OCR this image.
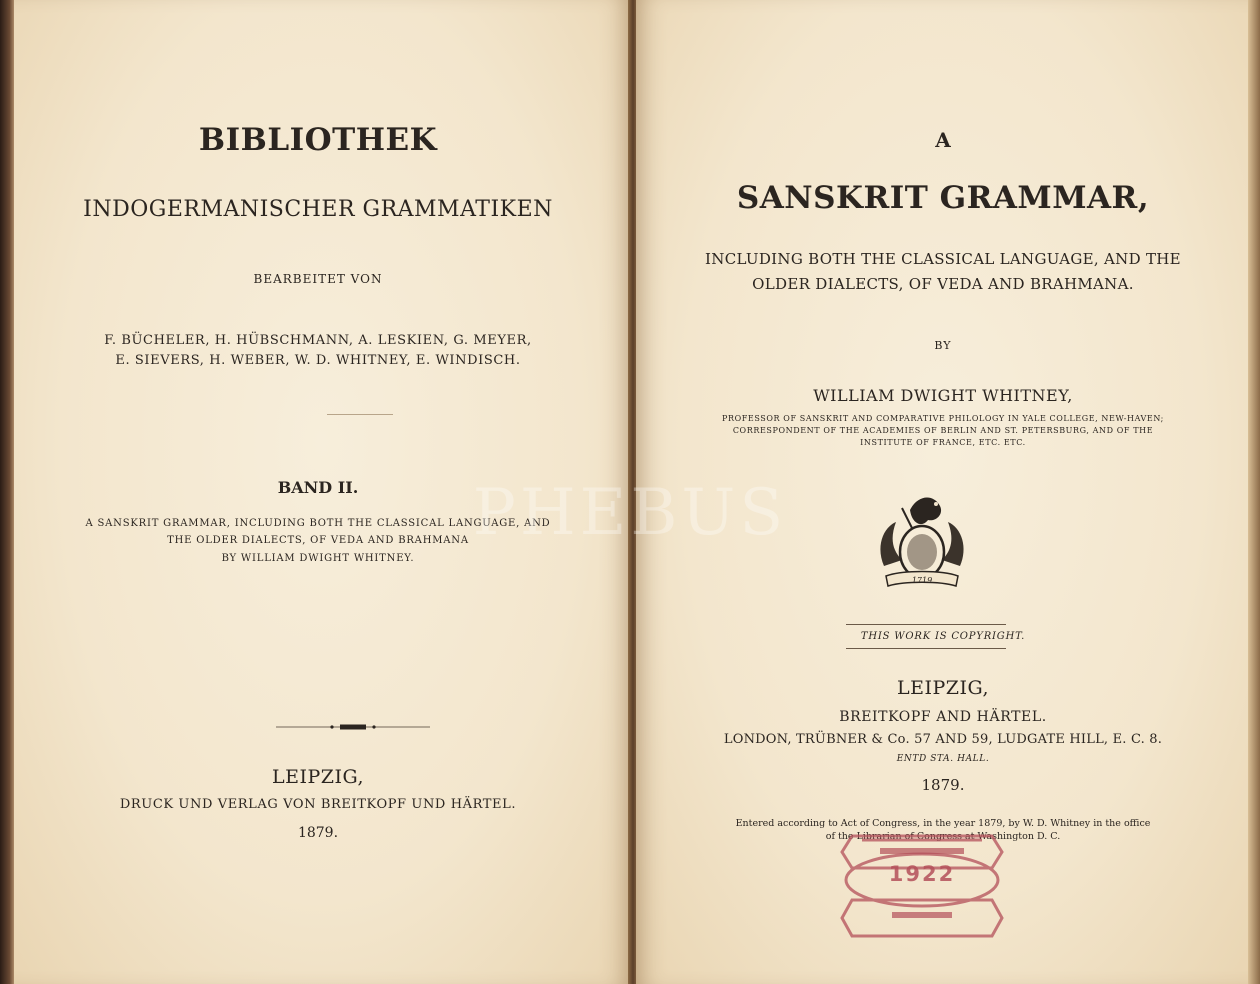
BIBLIOTHEK

INDOGERMANISCHER GRAMMATIKEN

BEARBEITET VON

F. BÜCHELER, H. HÜBSCHMANN, A. LESKIEN, G. MEYER,

E. SIEVERS, H. WEBER, W. D. WHITNEY, E. WINDISCH.

BAND II.

A SANSKRIT GRAMMAR, INCLUDING BOTH THE CLASSICAL LANGUAGE, AND

THE OLDER DIALECTS, OF VEDA AND BRAHMANA

BY WILLIAM DWIGHT WHITNEY.

LEIPZIG,

DRUCK UND VERLAG VON BREITKOPF UND HÄRTEL.

1879.

A

SANSKRIT GRAMMAR,

INCLUDING BOTH THE CLASSICAL LANGUAGE, AND THE

OLDER DIALECTS, OF VEDA AND BRAHMANA.

BY

WILLIAM DWIGHT WHITNEY,

PROFESSOR OF SANSKRIT AND COMPARATIVE PHILOLOGY IN YALE COLLEGE, NEW-HAVEN;

CORRESPONDENT OF THE ACADEMIES OF BERLIN AND ST. PETERSBURG, AND OF THE

INSTITUTE OF FRANCE, ETC. ETC.

1719

THIS WORK IS COPYRIGHT.

LEIPZIG,

BREITKOPF AND HÄRTEL.

LONDON, TRÜBNER & Co. 57 AND 59, LUDGATE HILL, E. C. 8.

ENTD STA. HALL.

1879.

Entered according to Act of Congress, in the year 1879, by W. D. Whitney in the office

of the Librarian of Congress at Washington D. C.

1922
PHEBUS
